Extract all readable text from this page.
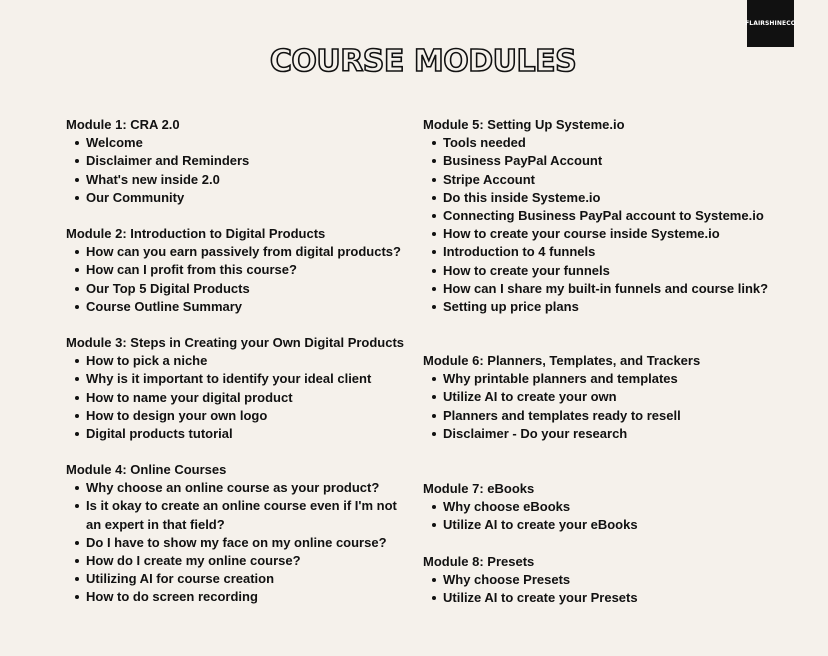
FLAIRSHINECO
COURSE MODULES
Module 1: CRA 2.0
Welcome
Disclaimer and Reminders
What's new inside 2.0
Our Community
Module 2: Introduction to Digital Products
How can you earn passively from digital products?
How can I profit from this course?
Our Top 5 Digital Products
Course Outline Summary
Module 3: Steps in Creating your Own Digital Products
How to pick a niche
Why is it important to identify your ideal client
How to name your digital product
How to design your own logo
Digital products tutorial
Module 4: Online Courses
Why choose an online course as your product?
Is it okay to create an online course even if I'm not
an expert in that field?
Do I have to show my face on my online course?
How do I create my online course?
Utilizing AI for course creation
How to do screen recording
Module 5: Setting Up Systeme.io
Tools needed
Business PayPal Account
Stripe Account
Do this inside Systeme.io
Connecting Business PayPal account to Systeme.io
How to create your course inside Systeme.io
Introduction to 4 funnels
How to create your funnels
How can I share my built-in funnels and course link?
Setting up price plans
Module 6: Planners, Templates, and Trackers
Why printable planners and templates
Utilize AI to create your own
Planners and templates ready to resell
Disclaimer - Do your research
Module 7: eBooks
Why choose eBooks
Utilize AI to create your eBooks
Module 8: Presets
Why choose Presets
Utilize AI to create your Presets
